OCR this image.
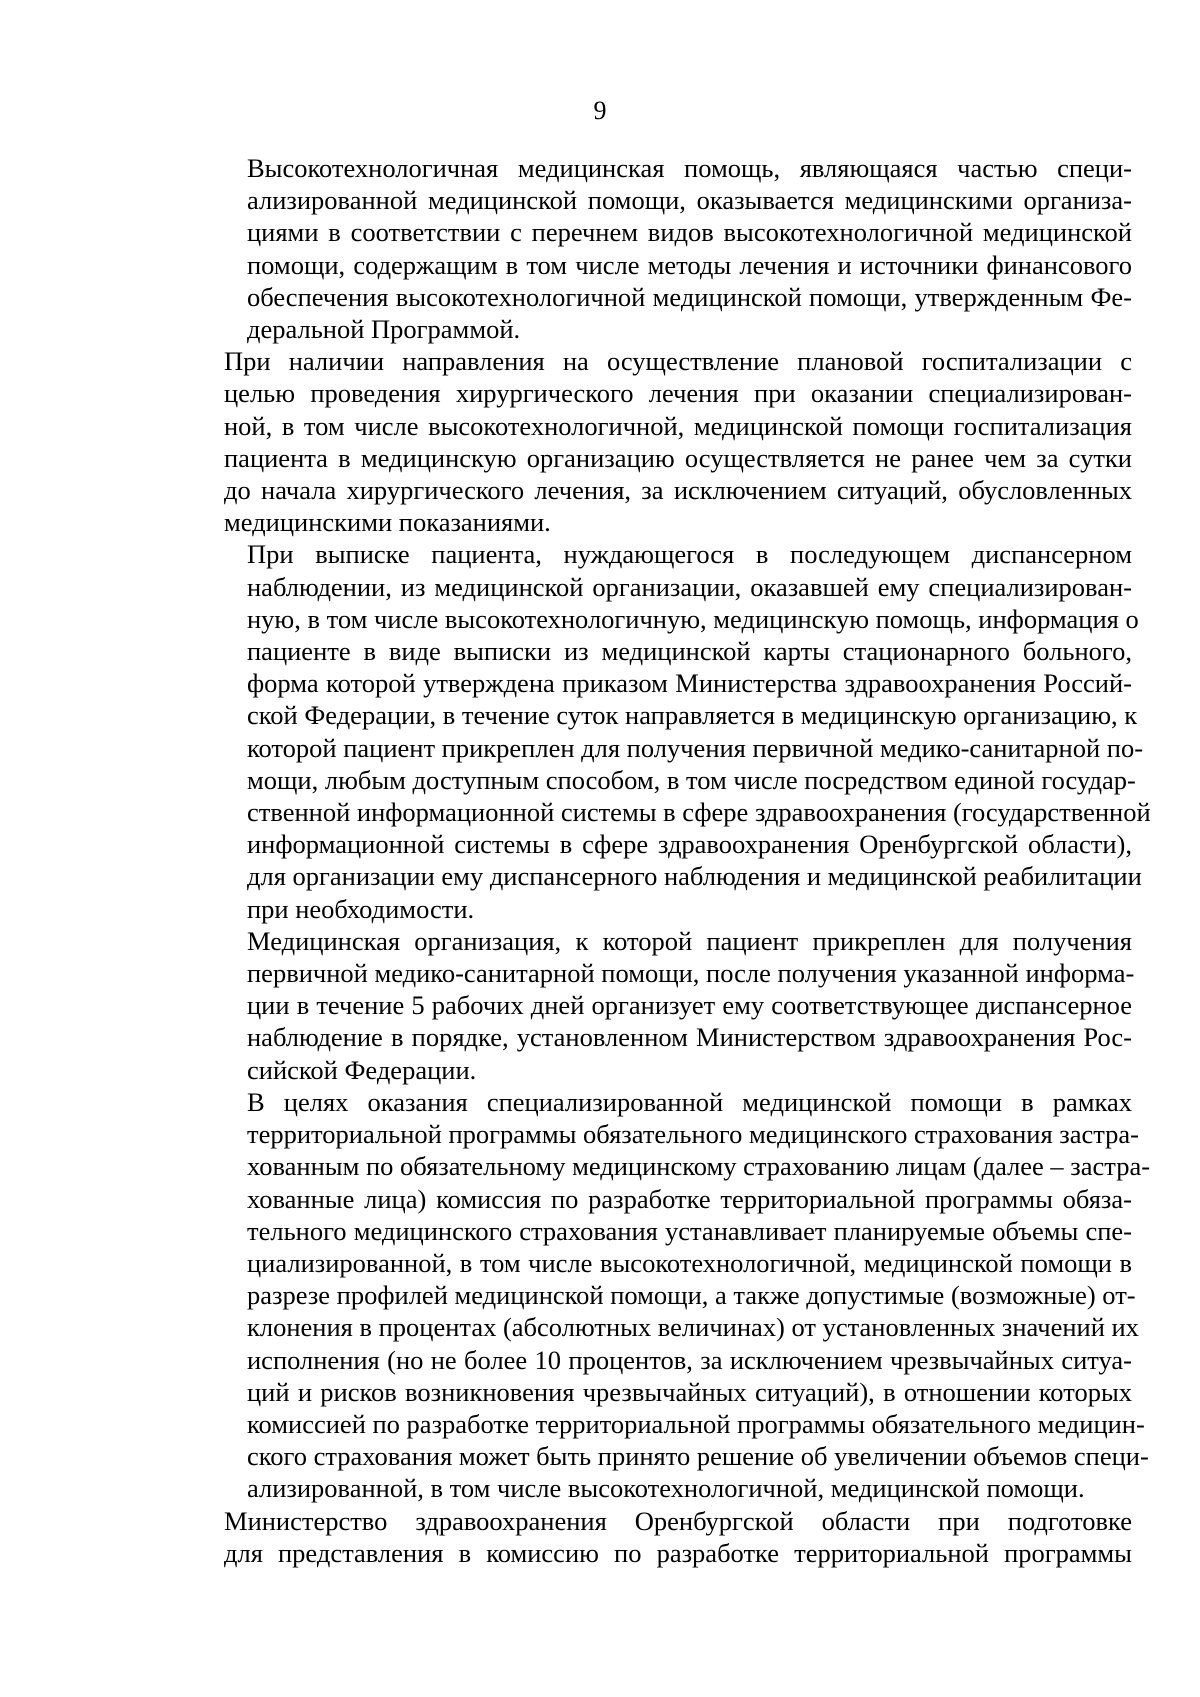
9
Высокотехнологичная медицинская помощь, являющаяся частью специ-
ализированной медицинской помощи, оказывается медицинскими организа-
циями в соответствии с перечнем видов высокотехнологичной медицинской
помощи, содержащим в том числе методы лечения и источники финансового
обеспечения высокотехнологичной медицинской помощи, утвержденным Фе-
деральной Программой.
При наличии направления на осуществление плановой госпитализации с
целью проведения хирургического лечения при оказании специализирован-
ной, в том числе высокотехнологичной, медицинской помощи госпитализация
пациента в медицинскую организацию осуществляется не ранее чем за сутки
до начала хирургического лечения, за исключением ситуаций, обусловленных
медицинскими показаниями.
При выписке пациента, нуждающегося в последующем диспансерном
наблюдении, из медицинской организации, оказавшей ему специализирован-
ную, в том числе высокотехнологичную, медицинскую помощь, информация о
пациенте в виде выписки из медицинской карты стационарного больного,
форма которой утверждена приказом Министерства здравоохранения Россий-
ской Федерации, в течение суток направляется в медицинскую организацию, к
которой пациент прикреплен для получения первичной медико-санитарной по-
мощи, любым доступным способом, в том числе посредством единой государ-
ственной информационной системы в сфере здравоохранения (государственной
информационной системы в сфере здравоохранения Оренбургской области),
для организации ему диспансерного наблюдения и медицинской реабилитации
при необходимости.
Медицинская организация, к которой пациент прикреплен для получения
первичной медико-санитарной помощи, после получения указанной информа-
ции в течение 5 рабочих дней организует ему соответствующее диспансерное
наблюдение в порядке, установленном Министерством здравоохранения Рос-
сийской Федерации.
В целях оказания специализированной медицинской помощи в рамках
территориальной программы обязательного медицинского страхования застра-
хованным по обязательному медицинскому страхованию лицам (далее – застра-
хованные лица) комиссия по разработке территориальной программы обяза-
тельного медицинского страхования устанавливает планируемые объемы спе-
циализированной, в том числе высокотехнологичной, медицинской помощи в
разрезе профилей медицинской помощи, а также допустимые (возможные) от-
клонения в процентах (абсолютных величинах) от установленных значений их
исполнения (но не более 10 процентов, за исключением чрезвычайных ситуа-
ций и рисков возникновения чрезвычайных ситуаций), в отношении которых
комиссией по разработке территориальной программы обязательного медицин-
ского страхования может быть принято решение об увеличении объемов специ-
ализированной, в том числе высокотехнологичной, медицинской помощи.
Министерство здравоохранения Оренбургской области при подготовке
для представления в комиссию по разработке территориальной программы
